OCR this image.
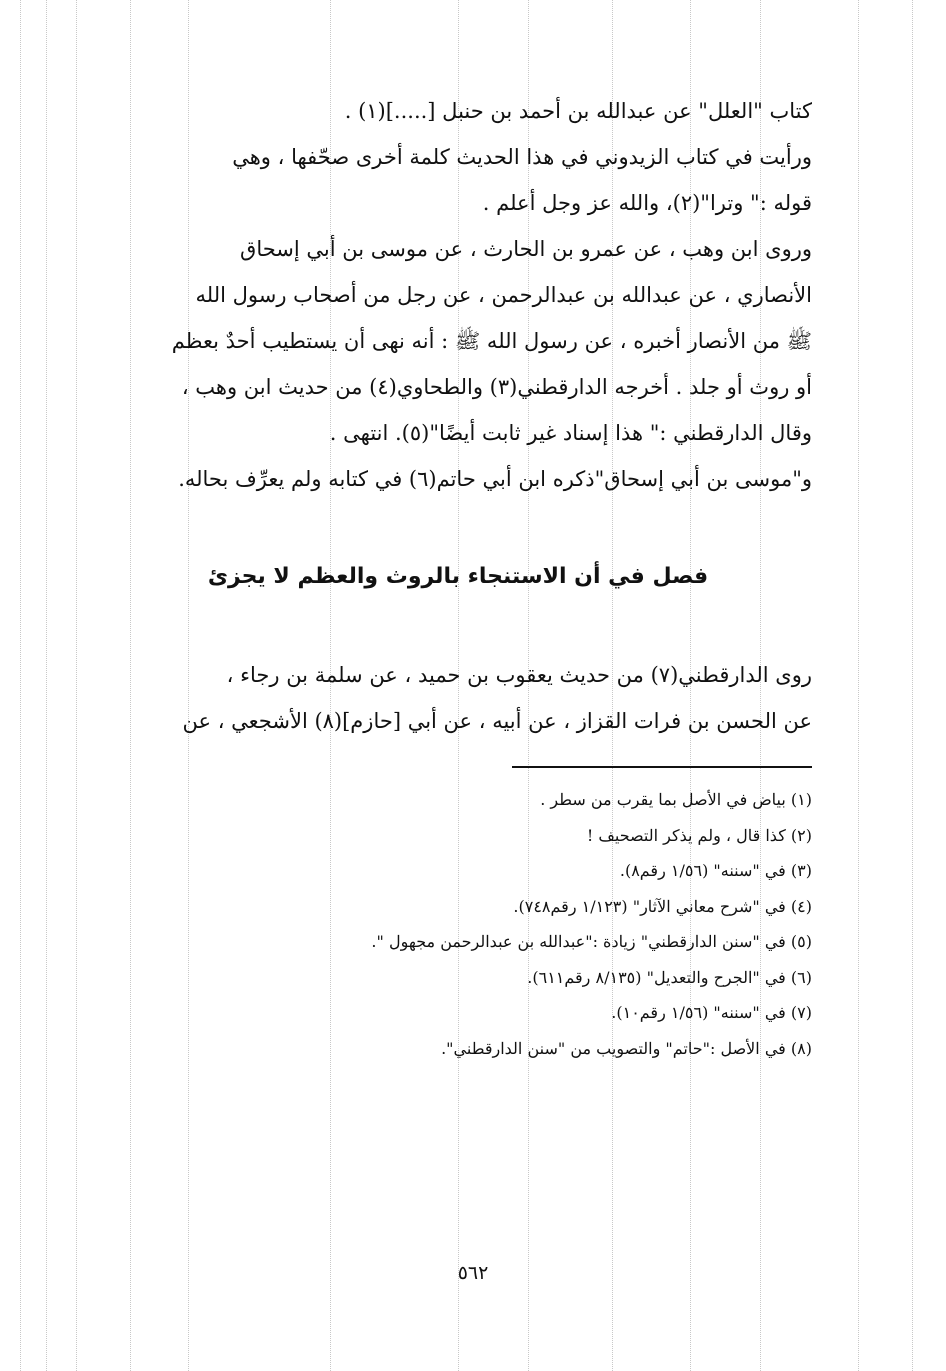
كتاب "العلل" عن عبدالله بن أحمد بن حنبل [.....](١) .
ورأيت في كتاب الزيدوني في هذا الحديث كلمة أخرى صحّفها ، وهي
قوله :" وترا"(٢)، والله عز وجل أعلم .
وروى ابن وهب ، عن عمرو بن الحارث ، عن موسى بن أبي إسحاق
الأنصاري ، عن عبدالله بن عبدالرحمن ، عن رجل من أصحاب رسول الله
ﷺ من الأنصار أخبره ، عن رسول الله ﷺ : أنه نهى أن يستطيب أحدٌ بعظم
أو روث أو جلد . أخرجه الدارقطني(٣) والطحاوي(٤) من حديث ابن وهب ،
وقال الدارقطني :" هذا إسناد غير ثابت أيضًا"(٥). انتهى .
و"موسى بن أبي إسحاق"ذكره ابن أبي حاتم(٦) في كتابه ولم يعرِّف بحاله.
فصل في أن الاستنجاء بالروث والعظم لا يجزئ
روى الدارقطني(٧) من حديث يعقوب بن حميد ، عن سلمة بن رجاء ،
عن الحسن بن فرات القزاز ، عن أبيه ، عن أبي [حازم](٨) الأشجعي ، عن
(١) بياض في الأصل بما يقرب من سطر .
(٢) كذا قال ، ولم يذكر التصحيف !
(٣) في "سننه" (١/٥٦ رقم٨).
(٤) في "شرح معاني الآثار" (١/١٢٣ رقم٧٤٨).
(٥) في "سنن الدارقطني" زيادة :"عبدالله بن عبدالرحمن مجهول ".
(٦) في "الجرح والتعديل" (٨/١٣٥ رقم٦١١).
(٧) في "سننه" (١/٥٦ رقم١٠).
(٨) في الأصل :"حاتم" والتصويب من "سنن الدارقطني".
٥٦٢
